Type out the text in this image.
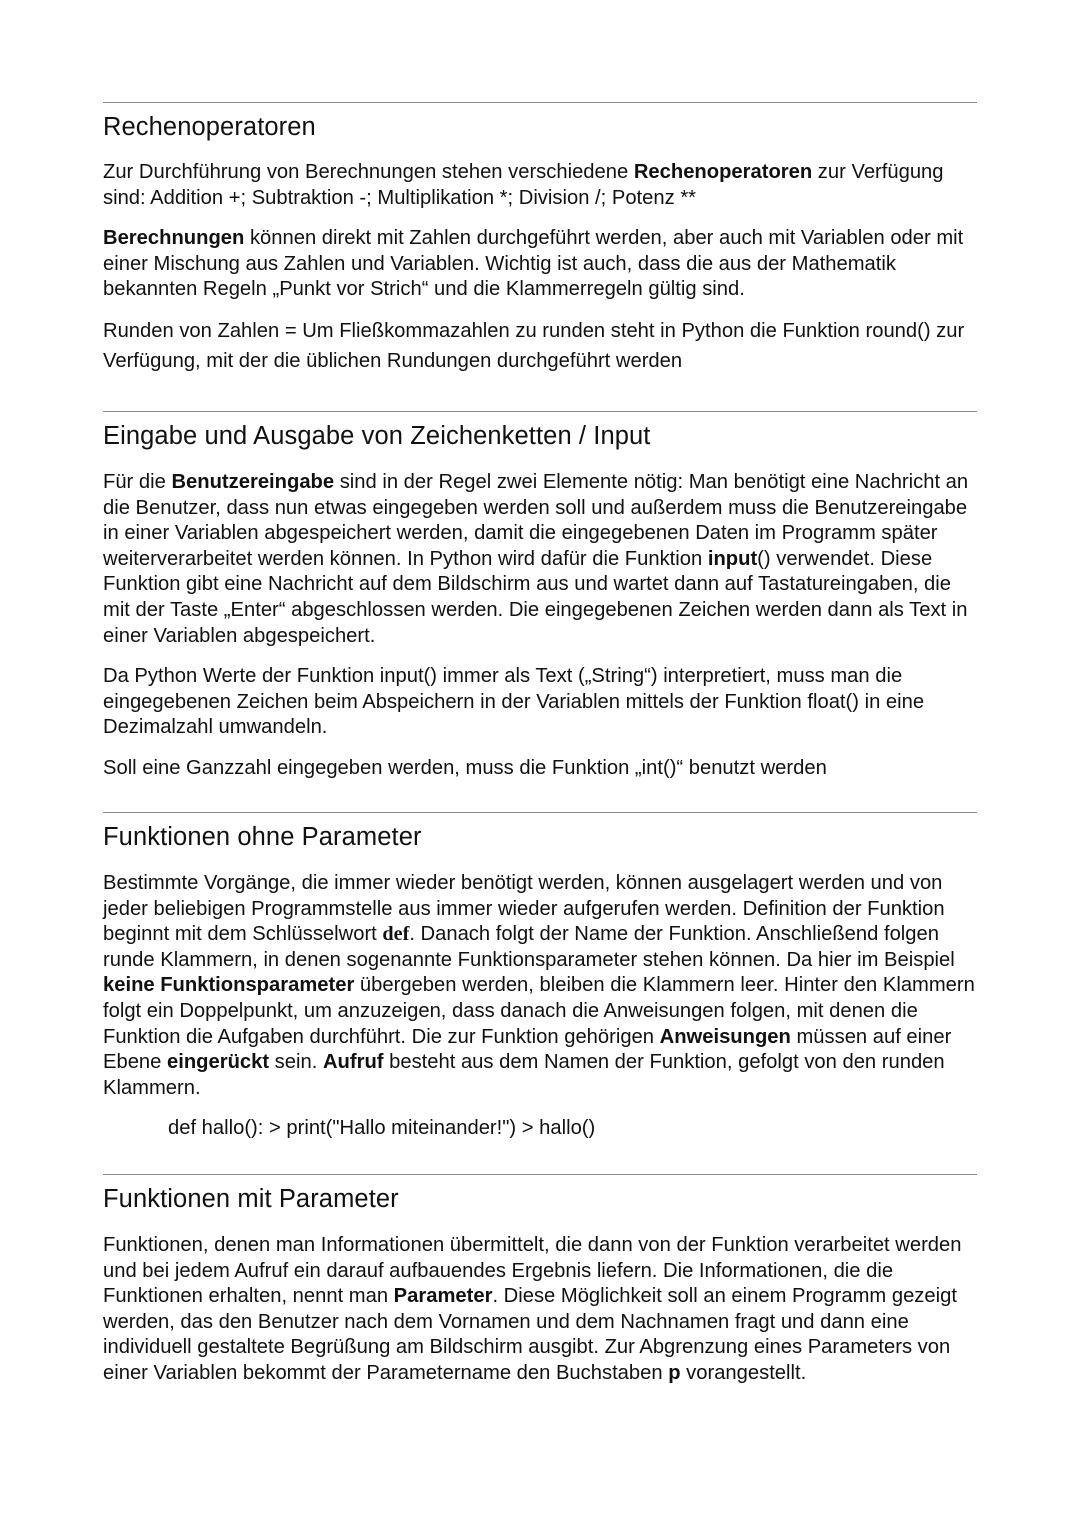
Rechenoperatoren

Zur Durchführung von Berechnungen stehen verschiedene Rechenoperatoren zur Verfügung sind: Addition +; Subtraktion -; Multiplikation *; Division /; Potenz **

Berechnungen können direkt mit Zahlen durchgeführt werden, aber auch mit Variablen oder mit einer Mischung aus Zahlen und Variablen. Wichtig ist auch, dass die aus der Mathematik bekannten Regeln „Punkt vor Strich“ und die Klammerregeln gültig sind.

Runden von Zahlen = Um Fließkommazahlen zu runden steht in Python die Funktion round() zur Verfügung, mit der die üblichen Rundungen durchgeführt werden

Eingabe und Ausgabe von Zeichenketten / Input

Für die Benutzereingabe sind in der Regel zwei Elemente nötig: Man benötigt eine Nachricht an die Benutzer, dass nun etwas eingegeben werden soll und außerdem muss die Benutzereingabe in einer Variablen abgespeichert werden, damit die eingegebenen Daten im Programm später weiterverarbeitet werden können. In Python wird dafür die Funktion input() verwendet. Diese Funktion gibt eine Nachricht auf dem Bildschirm aus und wartet dann auf Tastatureingaben, die mit der Taste „Enter“ abgeschlossen werden. Die eingegebenen Zeichen werden dann als Text in einer Variablen abgespeichert.

Da Python Werte der Funktion input() immer als Text („String“) interpretiert, muss man die eingegebenen Zeichen beim Abspeichern in der Variablen mittels der Funktion float() in eine Dezimalzahl umwandeln.

Soll eine Ganzzahl eingegeben werden, muss die Funktion „int()“ benutzt werden

Funktionen ohne Parameter

Bestimmte Vorgänge, die immer wieder benötigt werden, können ausgelagert werden und von jeder beliebigen Programmstelle aus immer wieder aufgerufen werden. Definition der Funktion beginnt mit dem Schlüsselwort def. Danach folgt der Name der Funktion. Anschließend folgen runde Klammern, in denen sogenannte Funktionsparameter stehen können. Da hier im Beispiel keine Funktionsparameter übergeben werden, bleiben die Klammern leer. Hinter den Klammern folgt ein Doppelpunkt, um anzuzeigen, dass danach die Anweisungen folgen, mit denen die Funktion die Aufgaben durchführt. Die zur Funktion gehörigen Anweisungen müssen auf einer Ebene eingerückt sein. Aufruf besteht aus dem Namen der Funktion, gefolgt von den runden Klammern.

def hallo(): > print("Hallo miteinander!") > hallo()

Funktionen mit Parameter

Funktionen, denen man Informationen übermittelt, die dann von der Funktion verarbeitet werden und bei jedem Aufruf ein darauf aufbauendes Ergebnis liefern. Die Informationen, die die Funktionen erhalten, nennt man Parameter. Diese Möglichkeit soll an einem Programm gezeigt werden, das den Benutzer nach dem Vornamen und dem Nachnamen fragt und dann eine individuell gestaltete Begrüßung am Bildschirm ausgibt. Zur Abgrenzung eines Parameters von einer Variablen bekommt der Parametername den Buchstaben p vorangestellt.
